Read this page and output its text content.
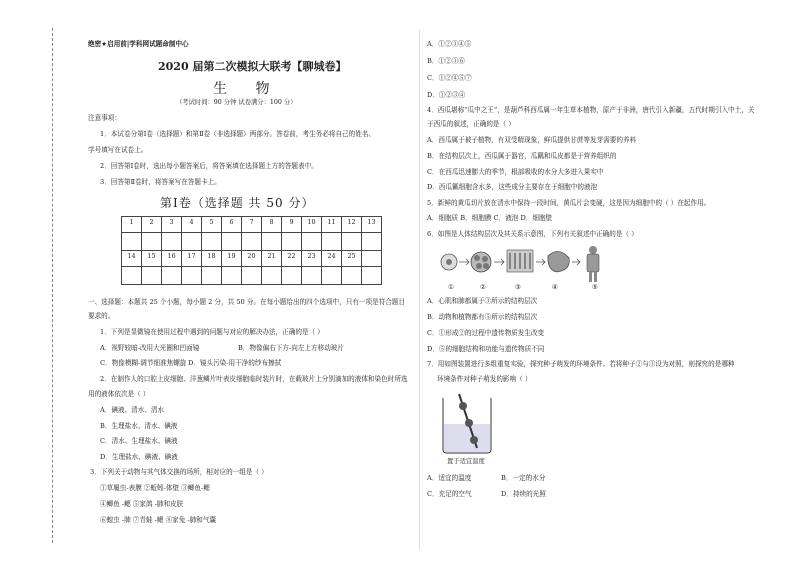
绝密★启用前|学科网试题命制中心
2020 届第二次模拟大联考【聊城卷】
生 物
（考试时间：90 分钟 试卷满分：100 分）
注意事项：
1．本试卷分第Ⅰ卷（选择题）和第Ⅱ卷（非选择题）两部分。答卷前，考生务必将自己的姓名、
学号填写在试卷上。
2．回答第Ⅰ卷时，选出每小题答案后，将答案填在选择题上方的答题表中。
3．回答第Ⅱ卷时，将答案写在答题卡上。
第Ⅰ卷（选择题 共 50 分）
1	2	3	4	5	6	7	8	9	10	11	12	13

14	15	16	17	18	19	20	21	22	23	24	25	

一、选择题：本题共 25 个小题，每小题 2 分，共 50 分。在每小题给出的四个选项中，只有一项是符合题目
要求的。
1．下列是显微镜在使用过程中遇到的问题与对应的解决办法，正确的是（ ）
A．视野较暗-改用大光圈和凹面镜	B．物像偏右下方-向左上方移动玻片
C．物像模糊-调节细准焦螺旋 D．镜头污染-用干净的纱布擦拭
2．在制作人的口腔上皮细胞、洋葱鳞片叶表皮细胞临时装片时，在载玻片上分别滴加的液体和染色时所选
用的液体依次是（ ）
A．碘液、清水、清水
B．生理盐水、清水、碘液
C．清水、生理盐水、碘液
D．生理盐水、碘液、碘液
3．下列关于动物与其气体交换的场所，相对应的一组是（ ）
①草履虫-表膜 ②蚯蚓-体壁 ③鲫鱼-鳃
④鲫鱼 -鳃 ⑤家鸽 -肺和皮肤
⑥蝗虫 -肺 ⑦青蛙 -鳃 ⑧家兔 -肺和气囊
A．①②③④⑤
B．①②③⑥
C．①②④⑤⑦
D．①②③④
4．西瓜堪称“瓜中之王”，是葫芦科西瓜属一年生草本植物，原产于非洲，唐代引入新疆，五代时期引入中土，关
于西瓜的叙述，正确的是（ ）
A．西瓜属于被子植物，有双受精现象，鲜瓜提供甘蔗等发芽需要的养料
B．在结构层次上，西瓜属于器官，瓜瓤和瓜皮都是于营养组织的
C．在西瓜迅速膨大的季节，根部吸收的水分大多进入果实中
D．西瓜瓤细胞含水多，这些成分主要存在于细胞中的液泡
5．新鲜的黄瓜切片放在清水中保持一段时间，黄瓜片会变硬，这是因为细胞中的（ ）在起作用。
A．细胞质 B．细胞膜 C．液泡 D．细胞壁
6．如图是人体结构层次及其关系示意图，下列有关叙述中正确的是（ ）
①	②	③	④	⑤
A．心肌和肺都属于③所示的结构层次
B．动物和植物都有⑤所示的结构层次
C．①形成②的过程中遗传物质发生改变
D．⑤的细胞结构和功能与遗传物质不同
7．用如图装置进行多组重复实验，探究种子萌发的环境条件。若将种子②与③设为对照，则探究的是哪种
环境条件对种子萌发的影响（ ）
置于适宜温度
A．适宜的温度	B．一定的水分
C．充足的空气	D．持续的光照
